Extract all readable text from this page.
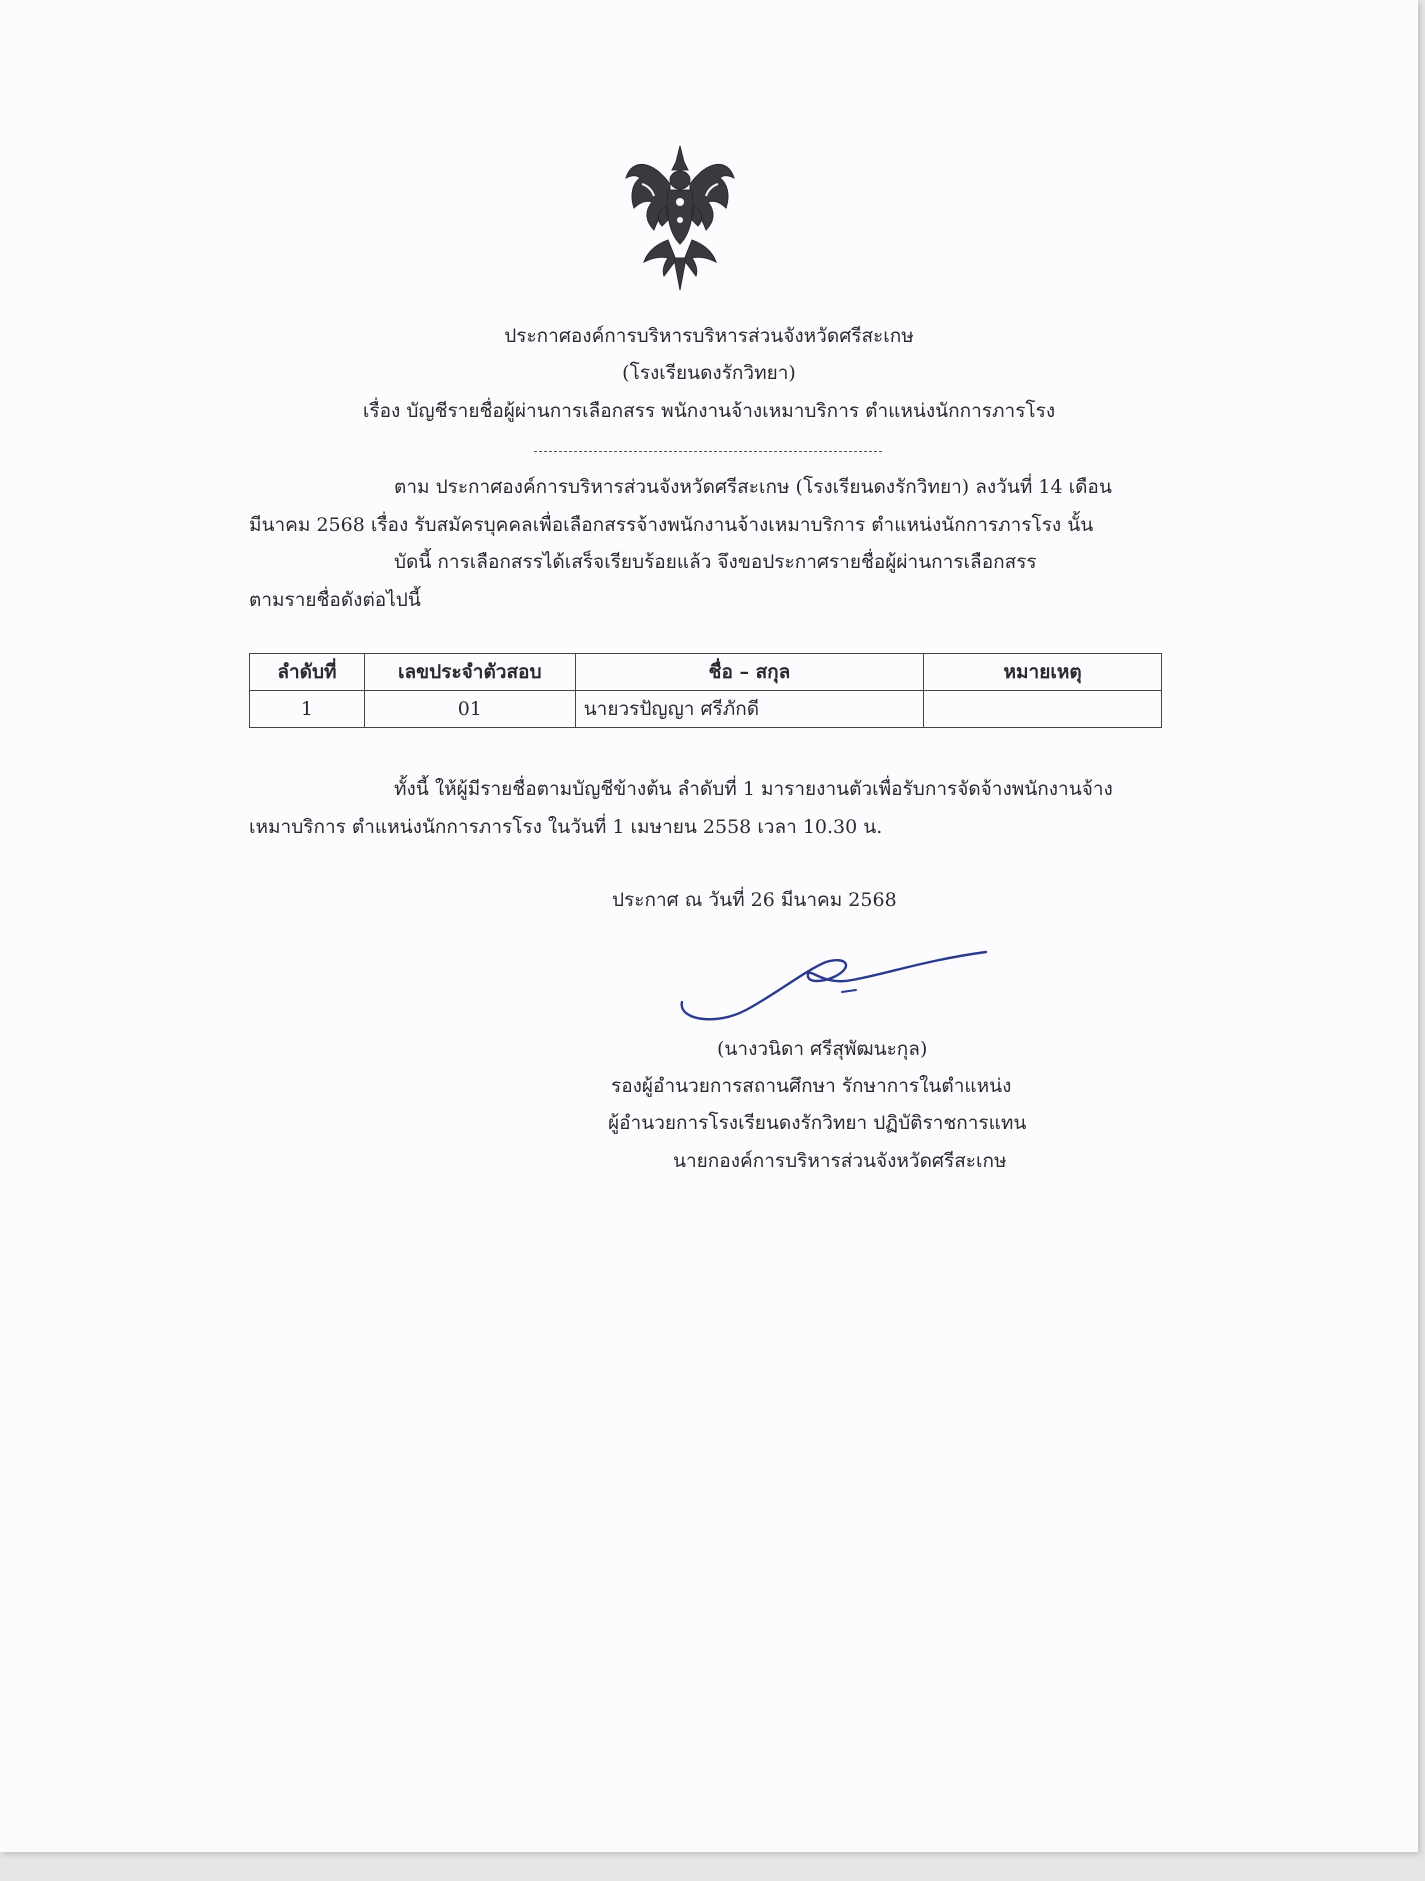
ประกาศองค์การบริหารบริหารส่วนจังหวัดศรีสะเกษ
(โรงเรียนดงรักวิทยา)
เรื่อง บัญชีรายชื่อผู้ผ่านการเลือกสรร พนักงานจ้างเหมาบริการ ตำแหน่งนักการภารโรง
ตาม ประกาศองค์การบริหารส่วนจังหวัดศรีสะเกษ (โรงเรียนดงรักวิทยา) ลงวันที่ 14 เดือน
มีนาคม 2568 เรื่อง รับสมัครบุคคลเพื่อเลือกสรรจ้างพนักงานจ้างเหมาบริการ ตำแหน่งนักการภารโรง นั้น
บัดนี้ การเลือกสรรได้เสร็จเรียบร้อยแล้ว จึงขอประกาศรายชื่อผู้ผ่านการเลือกสรร
ตามรายชื่อดังต่อไปนี้
ลำดับที่	เลขประจำตัวสอบ	ชื่อ – สกุล	หมายเหตุ
1	01	นายวรปัญญา ศรีภักดี	
ทั้งนี้ ให้ผู้มีรายชื่อตามบัญชีข้างต้น ลำดับที่ 1 มารายงานตัวเพื่อรับการจัดจ้างพนักงานจ้าง
เหมาบริการ ตำแหน่งนักการภารโรง ในวันที่ 1 เมษายน 2558 เวลา 10.30 น.
ประกาศ ณ วันที่ 26 มีนาคม 2568
(นางวนิดา ศรีสุพัฒนะกุล)
รองผู้อำนวยการสถานศึกษา รักษาการในตำแหน่ง
ผู้อำนวยการโรงเรียนดงรักวิทยา ปฏิบัติราชการแทน
นายกองค์การบริหารส่วนจังหวัดศรีสะเกษ
